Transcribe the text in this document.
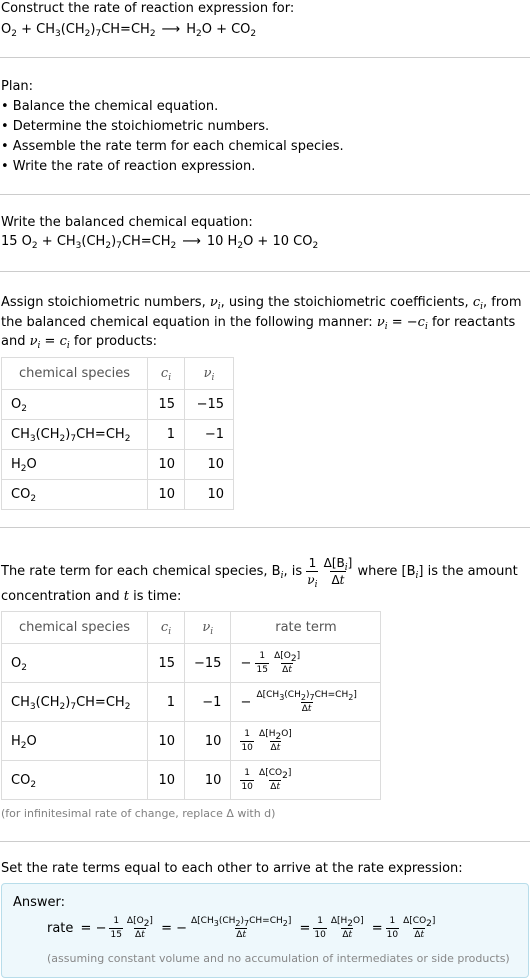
Construct the rate of reaction expression for:
$O_2 + CH_3(CH_2)_7CH=CH_2$ ⟶ $H_2O + CO_2$
Plan:
• Balance the chemical equation.
• Determine the stoichiometric numbers.
• Assemble the rate term for each chemical species.
• Write the rate of reaction expression.
Write the balanced chemical equation:
15 $O_2 + CH_3(CH_2)_7CH=CH_2$ ⟶ 10 $H_2O + 10$ $CO_2$
Assign stoichiometric numbers, $\nu_i$, using the stoichiometric coefficients, $c_i$, from
the balanced chemical equation in the following manner: $\nu_i = -c_i$ for reactants
and $\nu_i = c_i$ for products:
chemical species	$c_i$	$\nu_i$
$O_2$	15	−15
$CH_3(CH_2)_7CH=CH_2$	1	−1
$H_2O$	10	10
$CO_2$	10	10
The rate term for each chemical species, $B_i$, is $\frac{1}{\nu_i}$
$\frac{\Delta[B_i]}{\Delta t}$ where $[B_i]$ is the amount
concentration and t is time:
chemical species	$c_i$	$\nu_i$	rate term
$O_2$	15	−15	− $\frac{1}{15}$
$\frac{\Delta[O_2]}{\Delta t}$

$CH_3(CH_2)_7CH=CH_2$	1	−1	− $\frac{\Delta[CH_3(CH_2)_7CH=CH_2]}{\Delta t}$

$H_2O$	10	10	$\frac{1}{10}$
$\frac{\Delta[H_2O]}{\Delta t}$

$CO_2$	10	10	$\frac{1}{10}$
$\frac{\Delta[CO_2]}{\Delta t}$
(for infinitesimal rate of change, replace Δ with d)
Set the rate terms equal to each other to arrive at the rate expression:
Answer:
rate = − $\frac{1}{15} \frac{\Delta[O_2]}{\Delta t}$ = − $\frac{\Delta[CH_3(CH_2)_7CH=CH_2]}{\Delta t} = \frac{1}{10} \frac{\Delta[H_2O]}{\Delta t} = \frac{1}{10} \frac{\Delta[CO_2]}{\Delta t}$
(assuming constant volume and no accumulation of intermediates or side products)
